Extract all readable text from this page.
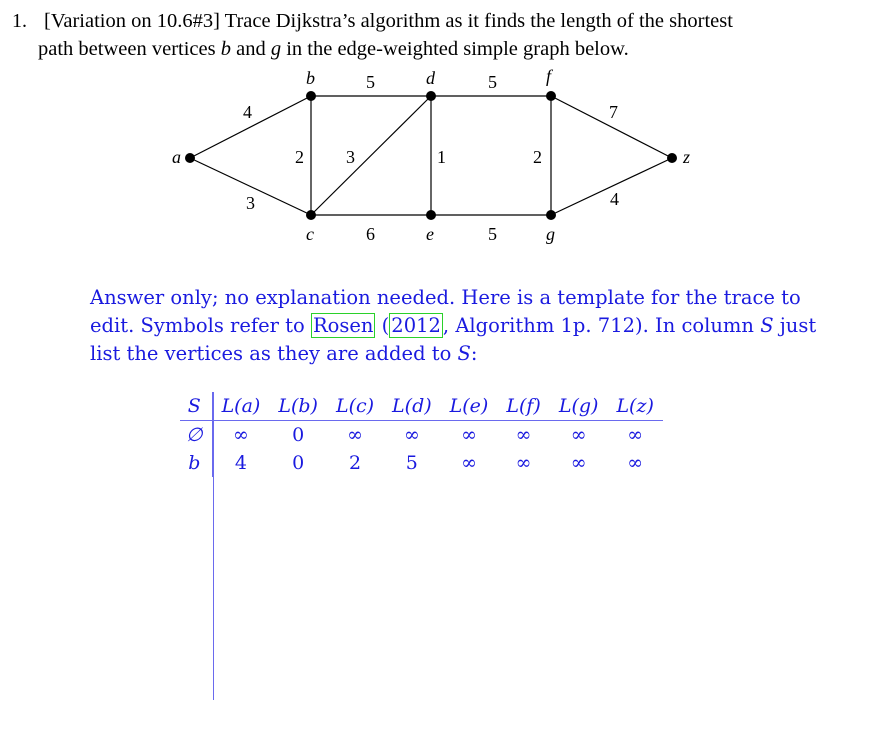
1. [Variation on 10.6#3] Trace Dijkstra’s algorithm as it finds the length of the shortest
path between vertices b and g in the edge-weighted simple graph below.
a
b
c
d
e
f
g
z
4
3
2
5
3
6
1
5
5
2
7
4
Answer only; no explanation needed. Here is a template for the trace to
edit. Symbols refer to Rosen ( 2012 , Algorithm 1p. 712). In column S just
list the vertices as they are added to S:
S	L(a)	L(b)	L(c)	L(d)	L(e)	L(f)	L(g)	L(z)
∅	∞	0	∞	∞	∞	∞	∞	∞
b	4	0	2	5	∞	∞	∞	∞
